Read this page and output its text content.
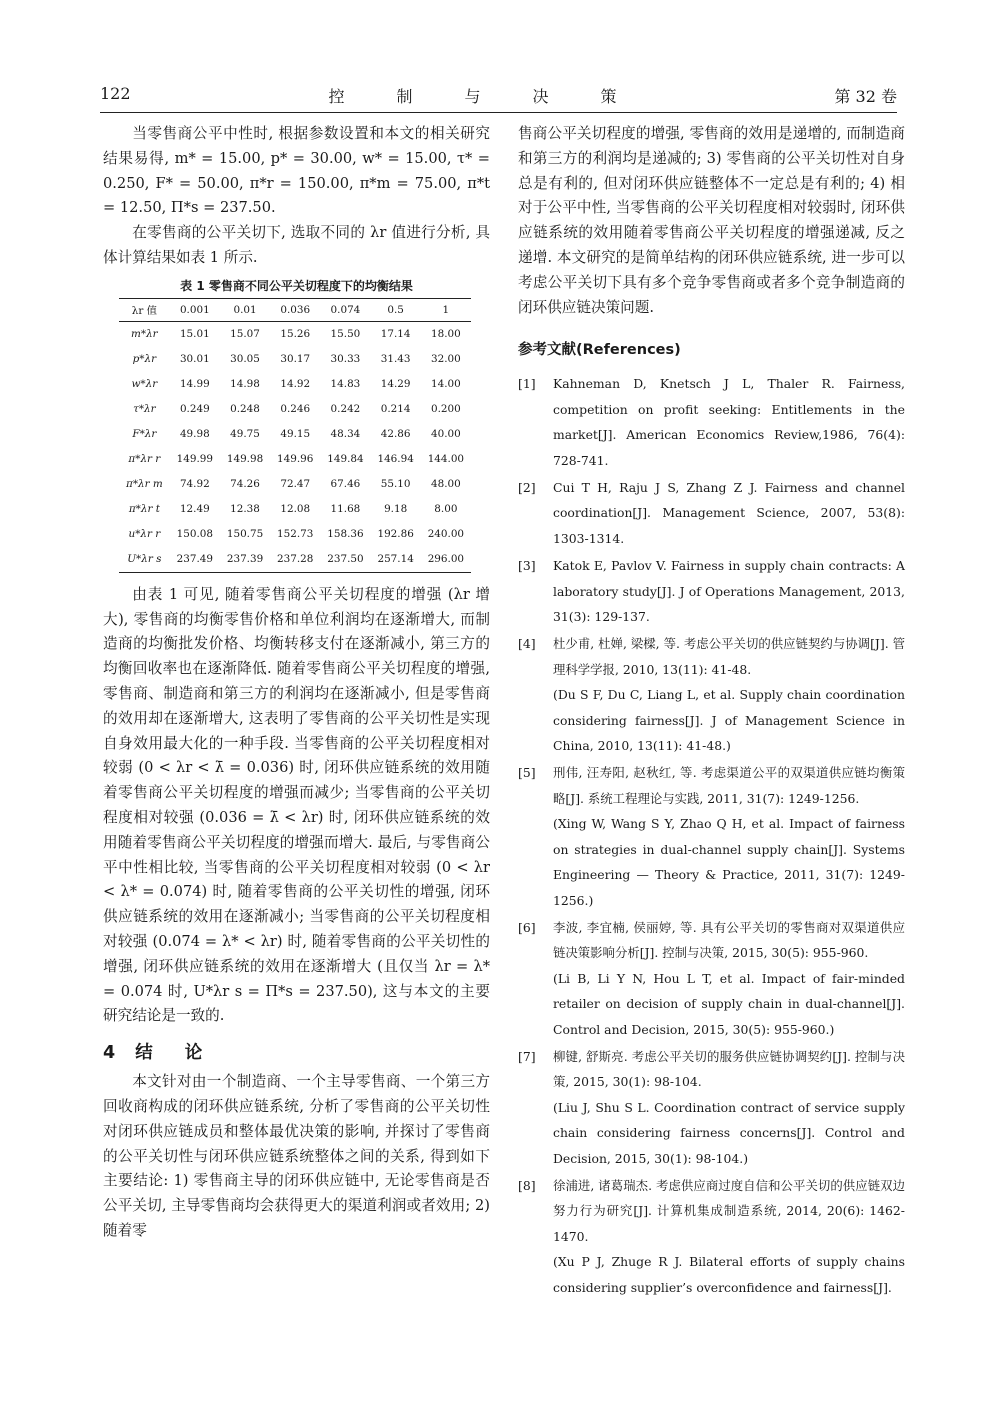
122	控制与决策	第 32 卷

当零售商公平中性时, 根据参数设置和本文的相关研究结果易得, m* = 15.00, p* = 30.00, w* = 15.00, τ* = 0.250, F* = 50.00, π*r = 150.00, π*m = 75.00, π*t = 12.50, Π*s = 237.50.

在零售商的公平关切下, 选取不同的 λr 值进行分析, 具体计算结果如表 1 所示.

表 1 零售商不同公平关切程度下的均衡结果
λr 值	0.001	0.01	0.036	0.074	0.5	1
m*λr	15.01	15.07	15.26	15.50	17.14	18.00
p*λr	30.01	30.05	30.17	30.33	31.43	32.00
w*λr	14.99	14.98	14.92	14.83	14.29	14.00
τ*λr	0.249	0.248	0.246	0.242	0.214	0.200
F*λr	49.98	49.75	49.15	48.34	42.86	40.00
π*λr r	149.99	149.98	149.96	149.84	146.94	144.00
π*λr m	74.92	74.26	72.47	67.46	55.10	48.00
π*λr t	12.49	12.38	12.08	11.68	9.18	8.00
u*λr r	150.08	150.75	152.73	158.36	192.86	240.00
U*λr s	237.49	237.39	237.28	237.50	257.14	296.00

由表 1 可见, 随着零售商公平关切程度的增强 (λr 增大), 零售商的均衡零售价格和单位利润均在逐渐增大, 而制造商的均衡批发价格、均衡转移支付在逐渐减小, 第三方的均衡回收率也在逐渐降低. 随着零售商公平关切程度的增强, 零售商、制造商和第三方的利润均在逐渐减小, 但是零售商的效用却在逐渐增大, 这表明了零售商的公平关切性是实现自身效用最大化的一种手段. 当零售商的公平关切程度相对较弱 (0 < λr < λ̄ = 0.036) 时, 闭环供应链系统的效用随着零售商公平关切程度的增强而减少; 当零售商的公平关切程度相对较强 (0.036 = λ̄ < λr) 时, 闭环供应链系统的效用随着零售商公平关切程度的增强而增大. 最后, 与零售商公平中性相比较, 当零售商的公平关切程度相对较弱 (0 < λr < λ* = 0.074) 时, 随着零售商的公平关切性的增强, 闭环供应链系统的效用在逐渐减小; 当零售商的公平关切程度相对较强 (0.074 = λ* < λr) 时, 随着零售商的公平关切性的增强, 闭环供应链系统的效用在逐渐增大 (且仅当 λr = λ* = 0.074 时, U*λr s = Π*s = 237.50), 这与本文的主要研究结论是一致的.

4 结 论

本文针对由一个制造商、一个主导零售商、一个第三方回收商构成的闭环供应链系统, 分析了零售商的公平关切性对闭环供应链成员和整体最优决策的影响, 并探讨了零售商的公平关切性与闭环供应链系统整体之间的关系, 得到如下主要结论: 1) 零售商主导的闭环供应链中, 无论零售商是否公平关切, 主导零售商均会获得更大的渠道利润或者效用; 2) 随着零

售商公平关切程度的增强, 零售商的效用是递增的, 而制造商和第三方的利润均是递减的; 3) 零售商的公平关切性对自身总是有利的, 但对闭环供应链整体不一定总是有利的; 4) 相对于公平中性, 当零售商的公平关切程度相对较弱时, 闭环供应链系统的效用随着零售商公平关切程度的增强递减, 反之递增. 本文研究的是简单结构的闭环供应链系统, 进一步可以考虑公平关切下具有多个竞争零售商或者多个竞争制造商的闭环供应链决策问题.

参考文献(References)
[1] Kahneman D, Knetsch J L, Thaler R. Fairness, competition on profit seeking: Entitlements in the market[J]. American Economics Review,1986, 76(4): 728-741.
[2] Cui T H, Raju J S, Zhang Z J. Fairness and channel coordination[J]. Management Science, 2007, 53(8): 1303-1314.
[3] Katok E, Pavlov V. Fairness in supply chain contracts: A laboratory study[J]. J of Operations Management, 2013, 31(3): 129-137.
[4] 杜少甫, 杜婵, 梁樑, 等. 考虑公平关切的供应链契约与协调[J]. 管理科学学报, 2010, 13(11): 41-48.
(Du S F, Du C, Liang L, et al. Supply chain coordination considering fairness[J]. J of Management Science in China, 2010, 13(11): 41-48.)
[5] 刑伟, 汪寿阳, 赵秋红, 等. 考虑渠道公平的双渠道供应链均衡策略[J]. 系统工程理论与实践, 2011, 31(7): 1249-1256.
(Xing W, Wang S Y, Zhao Q H, et al. Impact of fairness on strategies in dual-channel supply chain[J]. Systems Engineering — Theory & Practice, 2011, 31(7): 1249-1256.)
[6] 李波, 李宜楠, 侯丽婷, 等. 具有公平关切的零售商对双渠道供应链决策影响分析[J]. 控制与决策, 2015, 30(5): 955-960.
(Li B, Li Y N, Hou L T, et al. Impact of fair-minded retailer on decision of supply chain in dual-channel[J]. Control and Decision, 2015, 30(5): 955-960.)
[7] 柳键, 舒斯亮. 考虑公平关切的服务供应链协调契约[J]. 控制与决策, 2015, 30(1): 98-104.
(Liu J, Shu S L. Coordination contract of service supply chain considering fairness concerns[J]. Control and Decision, 2015, 30(1): 98-104.)
[8] 徐浦进, 诸葛瑞杰. 考虑供应商过度自信和公平关切的供应链双边努力行为研究[J]. 计算机集成制造系统, 2014, 20(6): 1462-1470.
(Xu P J, Zhuge R J. Bilateral efforts of supply chains considering supplier’s overconfidence and fairness[J].
